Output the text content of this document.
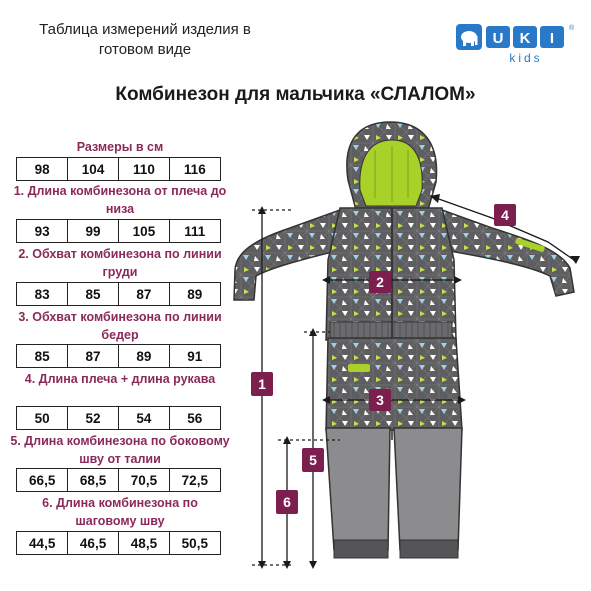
Таблица измерений изделия в готовом виде
U K I
®
kids
Комбинезон для мальчика «СЛАЛОМ»
Размеры в см
98	104	110	116
1. Длина комбинезона от плеча до низа
93	99	105	111
2. Обхват комбинезона по линии груди
83	85	87	89
3. Обхват комбинезона по линии бедер
85	87	89	91
4. Длина плеча + длина рукава
50	52	54	56
5. Длина комбинезона по боковому шву от талии
66,5	68,5	70,5	72,5
6. Длина комбинезона по шаговому шву
44,5	46,5	48,5	50,5
1
2
3
4
5
6
